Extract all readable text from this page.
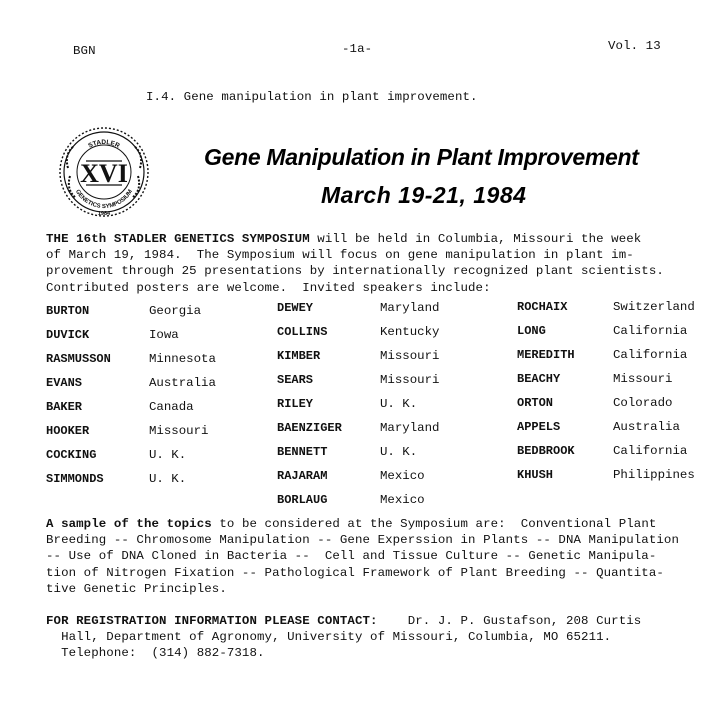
BGN	-1a-	Vol. 13
I.4. Gene manipulation in plant improvement.
STADLER
GENETICS SYMPOSIUM
XVI
1984
Gene Manipulation in Plant Improvement
March 19-21, 1984
THE 16th STADLER GENETICS SYMPOSIUM will be held in Columbia, Missouri the week
of March 19, 1984.  The Symposium will focus on gene manipulation in plant im-
provement through 25 presentations by internationally recognized plant scientists.
Contributed posters are welcome.  Invited speakers include:
BURTON
DUVICK
RASMUSSON
EVANS
BAKER
HOOKER
COCKING
SIMMONDS
Georgia
Iowa
Minnesota
Australia
Canada
Missouri
U. K.
U. K.
DEWEY
COLLINS
KIMBER
SEARS
RILEY
BAENZIGER
BENNETT
RAJARAM
BORLAUG
Maryland
Kentucky
Missouri
Missouri
U. K.
Maryland
U. K.
Mexico
Mexico
ROCHAIX
LONG
MEREDITH
BEACHY
ORTON
APPELS
BEDBROOK
KHUSH
Switzerland
California
California
Missouri
Colorado
Australia
California
Philippines
A sample of the topics to be considered at the Symposium are:  Conventional Plant
Breeding -- Chromosome Manipulation -- Gene Experssion in Plants -- DNA Manipulation
-- Use of DNA Cloned in Bacteria --  Cell and Tissue Culture -- Genetic Manipula-
tion of Nitrogen Fixation -- Pathological Framework of Plant Breeding -- Quantita-
tive Genetic Principles.
FOR REGISTRATION INFORMATION PLEASE CONTACT:    Dr. J. P. Gustafson, 208 Curtis
Hall, Department of Agronomy, University of Missouri, Columbia, MO 65211.
Telephone:  (314) 882-7318.
